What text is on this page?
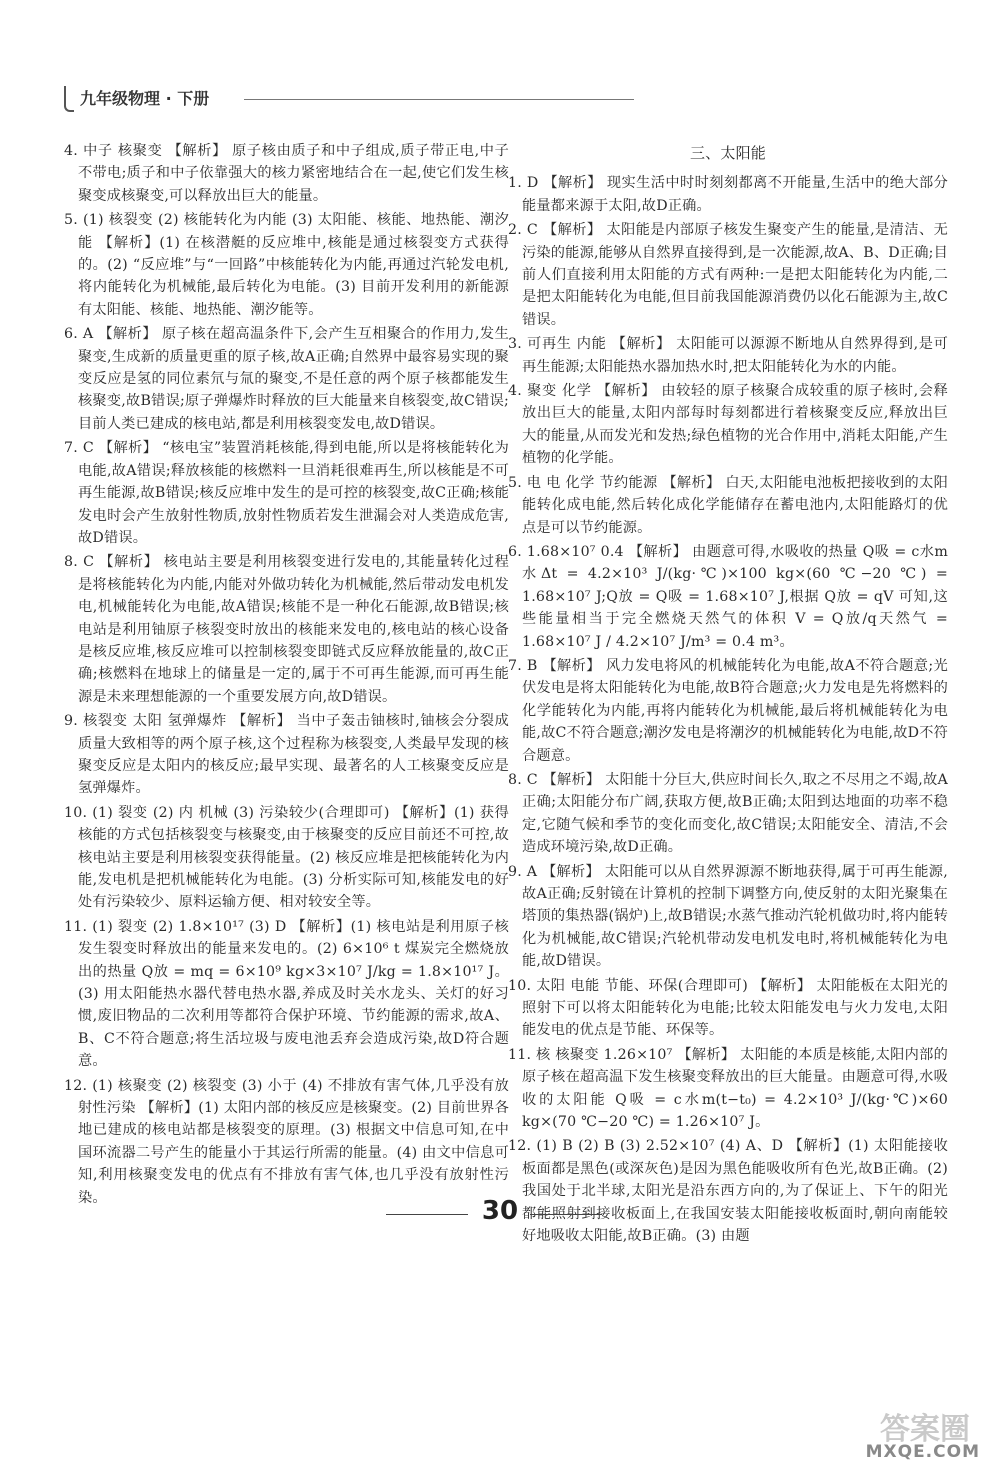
九年级物理 · 下册

4. 中子 核聚变 【解析】 原子核由质子和中子组成,质子带正电,中子不带电;质子和中子依靠强大的核力紧密地结合在一起,使它们发生核聚变成核聚变,可以释放出巨大的能量。

5. (1) 核裂变 (2) 核能转化为内能 (3) 太阳能、核能、地热能、潮汐能 【解析】(1) 在核潜艇的反应堆中,核能是通过核裂变方式获得的。(2) “反应堆”与“一回路”中核能转化为内能,再通过汽轮发电机,将内能转化为机械能,最后转化为电能。(3) 目前开发利用的新能源有太阳能、核能、地热能、潮汐能等。

6. A 【解析】 原子核在超高温条件下,会产生互相聚合的作用力,发生聚变,生成新的质量更重的原子核,故A正确;自然界中最容易实现的聚变反应是氢的同位素氘与氚的聚变,不是任意的两个原子核都能发生核聚变,故B错误;原子弹爆炸时释放的巨大能量来自核裂变,故C错误;目前人类已建成的核电站,都是利用核裂变发电,故D错误。

7. C 【解析】 “核电宝”装置消耗核能,得到电能,所以是将核能转化为电能,故A错误;释放核能的核燃料一旦消耗很难再生,所以核能是不可再生能源,故B错误;核反应堆中发生的是可控的核裂变,故C正确;核能发电时会产生放射性物质,放射性物质若发生泄漏会对人类造成危害,故D错误。

8. C 【解析】 核电站主要是利用核裂变进行发电的,其能量转化过程是将核能转化为内能,内能对外做功转化为机械能,然后带动发电机发电,机械能转化为电能,故A错误;核能不是一种化石能源,故B错误;核电站是利用铀原子核裂变时放出的核能来发电的,核电站的核心设备是核反应堆,核反应堆可以控制核裂变即链式反应释放能量的,故C正确;核燃料在地球上的储量是一定的,属于不可再生能源,而可再生能源是未来理想能源的一个重要发展方向,故D错误。

9. 核裂变 太阳 氢弹爆炸 【解析】 当中子轰击铀核时,铀核会分裂成质量大致相等的两个原子核,这个过程称为核裂变,人类最早发现的核聚变反应是太阳内的核反应;最早实现、最著名的人工核聚变反应是氢弹爆炸。

10. (1) 裂变 (2) 内 机械 (3) 污染较少(合理即可) 【解析】(1) 获得核能的方式包括核裂变与核聚变,由于核聚变的反应目前还不可控,故核电站主要是利用核裂变获得能量。(2) 核反应堆是把核能转化为内能,发电机是把机械能转化为电能。(3) 分析实际可知,核能发电的好处有污染较少、原料运输方便、相对较安全等。

11. (1) 裂变 (2) 1.8×10¹⁷ (3) D 【解析】(1) 核电站是利用原子核发生裂变时释放出的能量来发电的。(2) 6×10⁶ t 煤炭完全燃烧放出的热量 Q放 = mq = 6×10⁹ kg×3×10⁷ J/kg = 1.8×10¹⁷ J。(3) 用太阳能热水器代替电热水器,养成及时关水龙头、关灯的好习惯,废旧物品的二次利用等都符合保护环境、节约能源的需求,故A、B、C不符合题意;将生活垃圾与废电池丢弃会造成污染,故D符合题意。

12. (1) 核聚变 (2) 核裂变 (3) 小于 (4) 不排放有害气体,几乎没有放射性污染 【解析】(1) 太阳内部的核反应是核聚变。(2) 目前世界各地已建成的核电站都是核裂变的原理。(3) 根据文中信息可知,在中国环流器二号产生的能量小于其运行所需的能量。(4) 由文中信息可知,利用核聚变发电的优点有不排放有害气体,也几乎没有放射性污染。

三、太阳能

1. D 【解析】 现实生活中时时刻刻都离不开能量,生活中的绝大部分能量都来源于太阳,故D正确。

2. C 【解析】 太阳能是内部原子核发生聚变产生的能量,是清洁、无污染的能源,能够从自然界直接得到,是一次能源,故A、B、D正确;目前人们直接利用太阳能的方式有两种:一是把太阳能转化为内能,二是把太阳能转化为电能,但目前我国能源消费仍以化石能源为主,故C错误。

3. 可再生 内能 【解析】 太阳能可以源源不断地从自然界得到,是可再生能源;太阳能热水器加热水时,把太阳能转化为水的内能。

4. 聚变 化学 【解析】 由较轻的原子核聚合成较重的原子核时,会释放出巨大的能量,太阳内部每时每刻都进行着核聚变反应,释放出巨大的能量,从而发光和发热;绿色植物的光合作用中,消耗太阳能,产生植物的化学能。

5. 电 电 化学 节约能源 【解析】 白天,太阳能电池板把接收到的太阳能转化成电能,然后转化成化学能储存在蓄电池内,太阳能路灯的优点是可以节约能源。

6. 1.68×10⁷ 0.4 【解析】 由题意可得,水吸收的热量 Q吸 = c水m水Δt = 4.2×10³ J/(kg·℃)×100 kg×(60 ℃−20 ℃) = 1.68×10⁷ J;Q放 = Q吸 = 1.68×10⁷ J,根据 Q放 = qV 可知,这些能量相当于完全燃烧天然气的体积 V = Q放/q天然气 = 1.68×10⁷ J / 4.2×10⁷ J/m³ = 0.4 m³。

7. B 【解析】 风力发电将风的机械能转化为电能,故A不符合题意;光伏发电是将太阳能转化为电能,故B符合题意;火力发电是先将燃料的化学能转化为内能,再将内能转化为机械能,最后将机械能转化为电能,故C不符合题意;潮汐发电是将潮汐的机械能转化为电能,故D不符合题意。

8. C 【解析】 太阳能十分巨大,供应时间长久,取之不尽用之不竭,故A正确;太阳能分布广阔,获取方便,故B正确;太阳到达地面的功率不稳定,它随气候和季节的变化而变化,故C错误;太阳能安全、清洁,不会造成环境污染,故D正确。

9. A 【解析】 太阳能可以从自然界源源不断地获得,属于可再生能源,故A正确;反射镜在计算机的控制下调整方向,使反射的太阳光聚集在塔顶的集热器(锅炉)上,故B错误;水蒸气推动汽轮机做功时,将内能转化为机械能,故C错误;汽轮机带动发电机发电时,将机械能转化为电能,故D错误。

10. 太阳 电能 节能、环保(合理即可) 【解析】 太阳能板在太阳光的照射下可以将太阳能转化为电能;比较太阳能发电与火力发电,太阳能发电的优点是节能、环保等。

11. 核 核聚变 1.26×10⁷ 【解析】 太阳能的本质是核能,太阳内部的原子核在超高温下发生核聚变释放出的巨大能量。由题意可得,水吸收的太阳能 Q吸 = c水m(t−t₀) = 4.2×10³ J/(kg·℃)×60 kg×(70 ℃−20 ℃) = 1.26×10⁷ J。

12. (1) B (2) B (3) 2.52×10⁷ (4) A、D 【解析】(1) 太阳能接收板面都是黑色(或深灰色)是因为黑色能吸收所有色光,故B正确。(2) 我国处于北半球,太阳光是沿东西方向的,为了保证上、下午的阳光都能照射到接收板面上,在我国安装太阳能接收板面时,朝向南能较好地吸收太阳能,故B正确。(3) 由题

30
答案圈
MXQE.COM
